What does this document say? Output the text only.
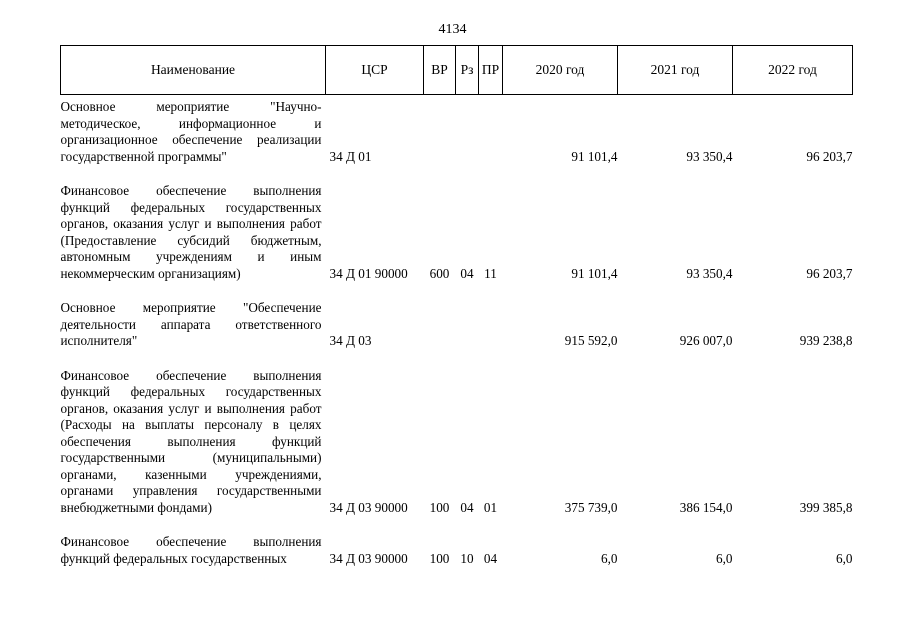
4134
Наименование	ЦСР	ВР	Рз	ПР	2020 год	2021 год	2022 год
Основное мероприятие "Научно-методическое, информационное и организационное обеспечение реализации государственной программы"	34 Д 01				91 101,4	93 350,4	96 203,7
Финансовое обеспечение выполнения функций федеральных государственных органов, оказания услуг и выполнения работ (Предоставление субсидий бюджетным, автономным учреждениям и иным некоммерческим организациям)	34 Д 01 90000	600	04	11	91 101,4	93 350,4	96 203,7
Основное мероприятие "Обеспечение деятельности аппарата ответственного исполнителя"	34 Д 03				915 592,0	926 007,0	939 238,8
Финансовое обеспечение выполнения функций федеральных государственных органов, оказания услуг и выполнения работ (Расходы на выплаты персоналу в целях обеспечения выполнения функций государственными (муниципальными) органами, казенными учреждениями, органами управления государственными внебюджетными фондами)	34 Д 03 90000	100	04	01	375 739,0	386 154,0	399 385,8
Финансовое обеспечение выполнения функций федеральных государственных	34 Д 03 90000	100	10	04	6,0	6,0	6,0
